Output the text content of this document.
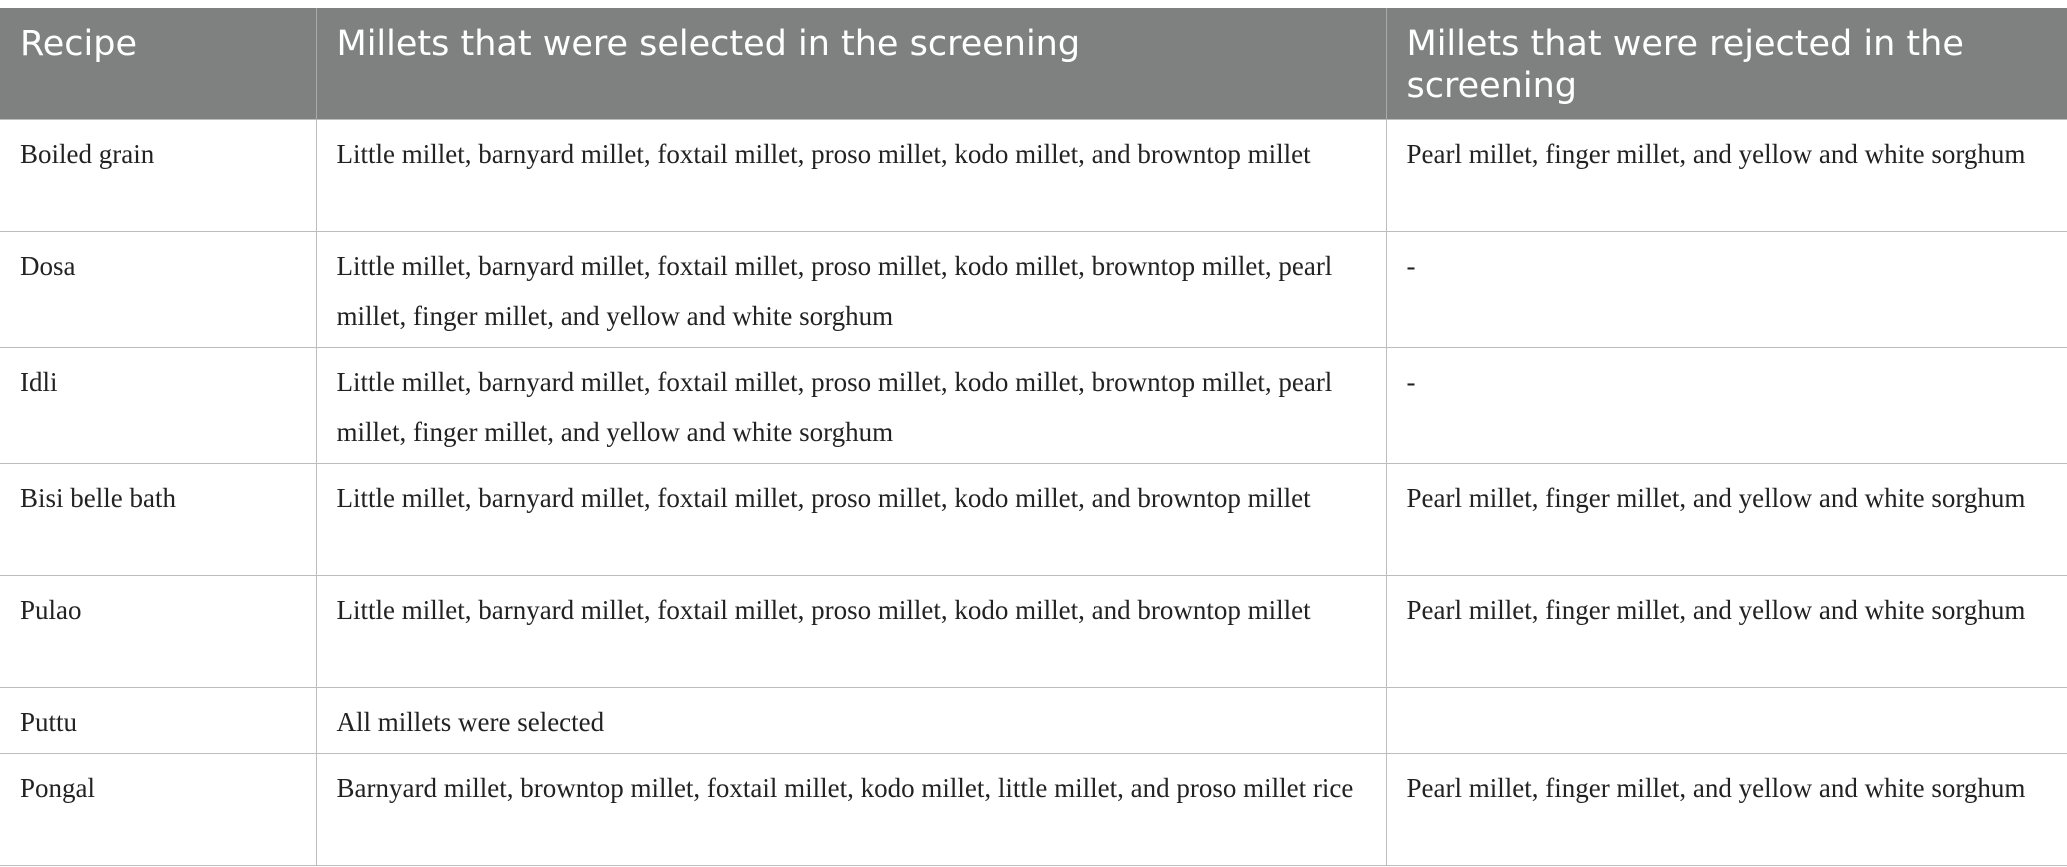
Recipe	Millets that were selected in the screening	Millets that were rejected in the screening
Boiled grain	Little millet, barnyard millet, foxtail millet, proso millet, kodo millet, and browntop millet	Pearl millet, finger millet, and yellow and white sorghum
Dosa	Little millet, barnyard millet, foxtail millet, proso millet, kodo millet, browntop millet, pearl millet, finger millet, and yellow and white sorghum	-
Idli	Little millet, barnyard millet, foxtail millet, proso millet, kodo millet, browntop millet, pearl millet, finger millet, and yellow and white sorghum	-
Bisi belle bath	Little millet, barnyard millet, foxtail millet, proso millet, kodo millet, and browntop millet	Pearl millet, finger millet, and yellow and white sorghum
Pulao	Little millet, barnyard millet, foxtail millet, proso millet, kodo millet, and browntop millet	Pearl millet, finger millet, and yellow and white sorghum
Puttu	All millets were selected	
Pongal	Barnyard millet, browntop millet, foxtail millet, kodo millet, little millet, and proso millet rice	Pearl millet, finger millet, and yellow and white sorghum
